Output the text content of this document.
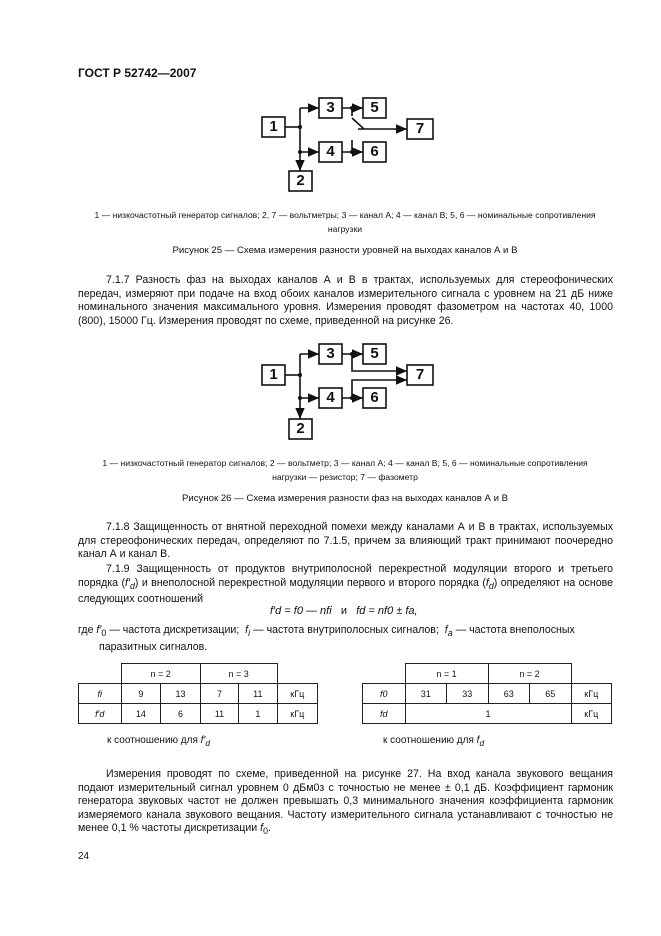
ГОСТ Р 52742—2007
1
2
3
4
5
6
7
1 — низкочастотный генератор сигналов; 2, 7 — вольтметры; 3 — канал А; 4 — канал В; 5, 6 — номинальные сопротивления
нагрузки
Рисунок 25 — Схема измерения разности уровней на выходах каналов А и В

7.1.7 Разность фаз на выходах каналов А и В в трактах, используемых для стереофонических передач, измеряют при подаче на вход обоих каналов измерительного сигнала с уровнем на 21 дБ ниже номинального значения максимального уровня. Измерения проводят фазометром на частотах 40, 1000 (800), 15000 Гц. Измерения проводят по схеме, приведенной на рисунке 26.

1
2
3
4
5
6
7
1 — низкочастотный генератор сигналов; 2 — вольтметр; 3 — канал А; 4 — канал В; 5, 6 — номинальные сопротивления
нагрузки — резистор; 7 — фазометр
Рисунок 26 — Схема измерения разности фаз на выходах каналов А и В

7.1.8 Защищенность от внятной переходной помехи между каналами А и В в трактах, используемых для стереофонических передач, определяют по 7.1.5, причем за влияющий тракт принимают поочередно канал А и канал В.

7.1.9 Защищенность от продуктов внутриполосной перекрестной модуляции второго и третьего порядка $(f'_d)$ и внеполосной перекрестной модуляции первого и второго порядка $(f_d)$ определяют на основе следующих соотношений

f′d = f0 — nfi и fd = nf0 ± fa,
где $f'_0$ — частота дискретизации; $f_i$ — частота внутриполосных сигналов; $f_a$ — частота внеполосных
паразитных сигналов.
	n = 2		n = 3		
fi	9	13	7	11	кГц
f′d	14	6	11	1	кГц
к соотношению для $f'_d$
	n = 1		n = 2		
f0	31	33	63	65	кГц
fd	1				кГц
к соотношению для $f_d$

Измерения проводят по схеме, приведенной на рисунке 27. На вход канала звукового вещания подают измерительный сигнал уровнем 0 дБм0з с точностью не менее ± 0,1 дБ. Коэффициент гармоник генератора звуковых частот не должен превышать 0,3 минимального значения коэффициента гармоник измеряемого канала звукового вещания. Частоту измерительного сигнала устанавливают с точностью не менее 0,1 % частоты дискретизации $f_0$.

24
